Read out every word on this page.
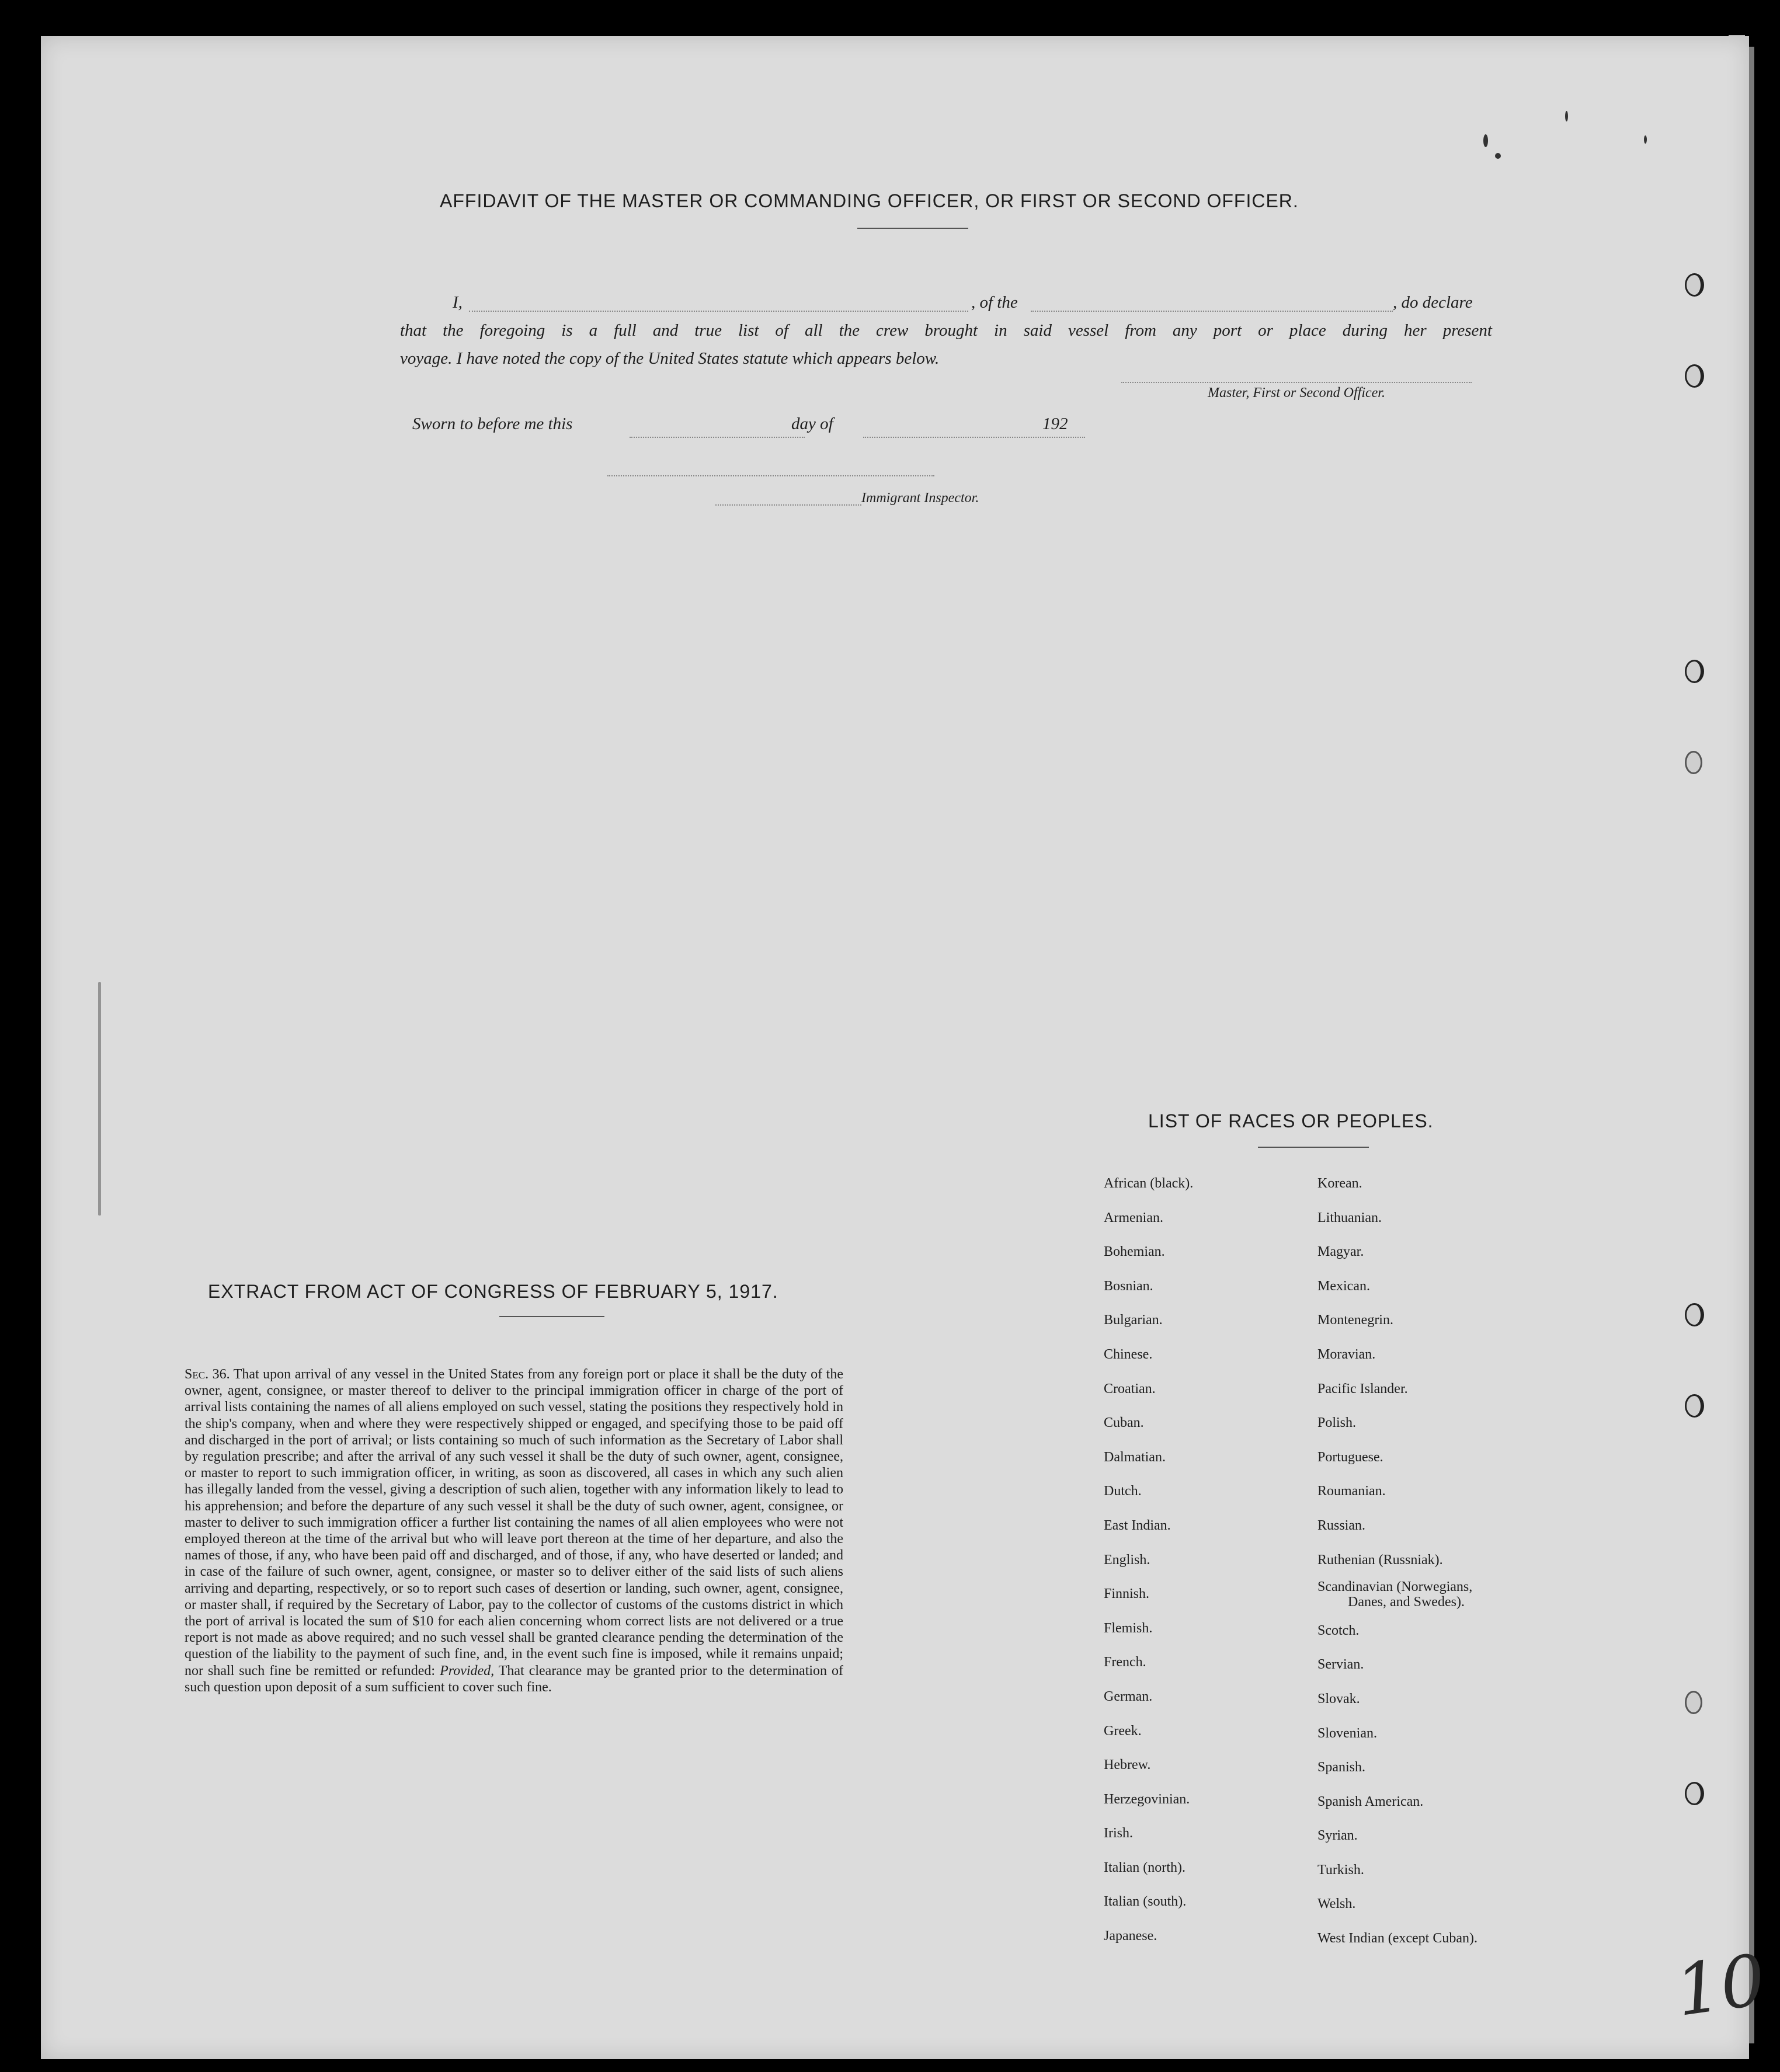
AFFIDAVIT OF THE MASTER OR COMMANDING OFFICER, OR FIRST OR SECOND OFFICER.
I,	, of the	, do declare
that the foregoing is a full and true list of all the crew brought in said vessel from any port or place during her present
voyage. I have noted the copy of the United States statute which appears below.
Master, First or Second Officer.
Sworn to before me this	day of	192
Immigrant Inspector.
EXTRACT FROM ACT OF CONGRESS OF FEBRUARY 5, 1917.
Sec. 36. That upon arrival of any vessel in the United States from any foreign port or place it shall be the duty of the owner, agent, consignee, or master thereof to deliver to the principal immigration officer in charge of the port of arrival lists containing the names of all aliens employed on such vessel, stating the positions they respectively hold in the ship's company, when and where they were respectively shipped or engaged, and specifying those to be paid off and discharged in the port of arrival; or lists containing so much of such information as the Secretary of Labor shall by regulation prescribe; and after the arrival of any such vessel it shall be the duty of such owner, agent, consignee, or master to report to such immigration officer, in writing, as soon as discovered, all cases in which any such alien has illegally landed from the vessel, giving a description of such alien, together with any information likely to lead to his apprehension; and before the departure of any such vessel it shall be the duty of such owner, agent, consignee, or master to deliver to such immigration officer a further list containing the names of all alien employees who were not employed thereon at the time of the arrival but who will leave port thereon at the time of her departure, and also the names of those, if any, who have been paid off and discharged, and of those, if any, who have deserted or landed; and in case of the failure of such owner, agent, consignee, or master so to deliver either of the said lists of such aliens arriving and departing, respectively, or so to report such cases of desertion or landing, such owner, agent, consignee, or master shall, if required by the Secretary of Labor, pay to the collector of customs of the customs district in which the port of arrival is located the sum of $10 for each alien concerning whom correct lists are not delivered or a true report is not made as above required; and no such vessel shall be granted clearance pending the determination of the question of the liability to the payment of such fine, and, in the event such fine is imposed, while it remains unpaid; nor shall such fine be remitted or refunded: Provided, That clearance may be granted prior to the determination of such question upon deposit of a sum sufficient to cover such fine.
LIST OF RACES OR PEOPLES.
African (black).
Armenian.
Bohemian.
Bosnian.
Bulgarian.
Chinese.
Croatian.
Cuban.
Dalmatian.
Dutch.
East Indian.
English.
Finnish.
Flemish.
French.
German.
Greek.
Hebrew.
Herzegovinian.
Irish.
Italian (north).
Italian (south).
Japanese.
Korean.
Lithuanian.
Magyar.
Mexican.
Montenegrin.
Moravian.
Pacific Islander.
Polish.
Portuguese.
Roumanian.
Russian.
Ruthenian (Russniak).
Scandinavian (Norwegians,
Danes, and Swedes).
Scotch.
Servian.
Slovak.
Slovenian.
Spanish.
Spanish American.
Syrian.
Turkish.
Welsh.
West Indian (except Cuban).
10
